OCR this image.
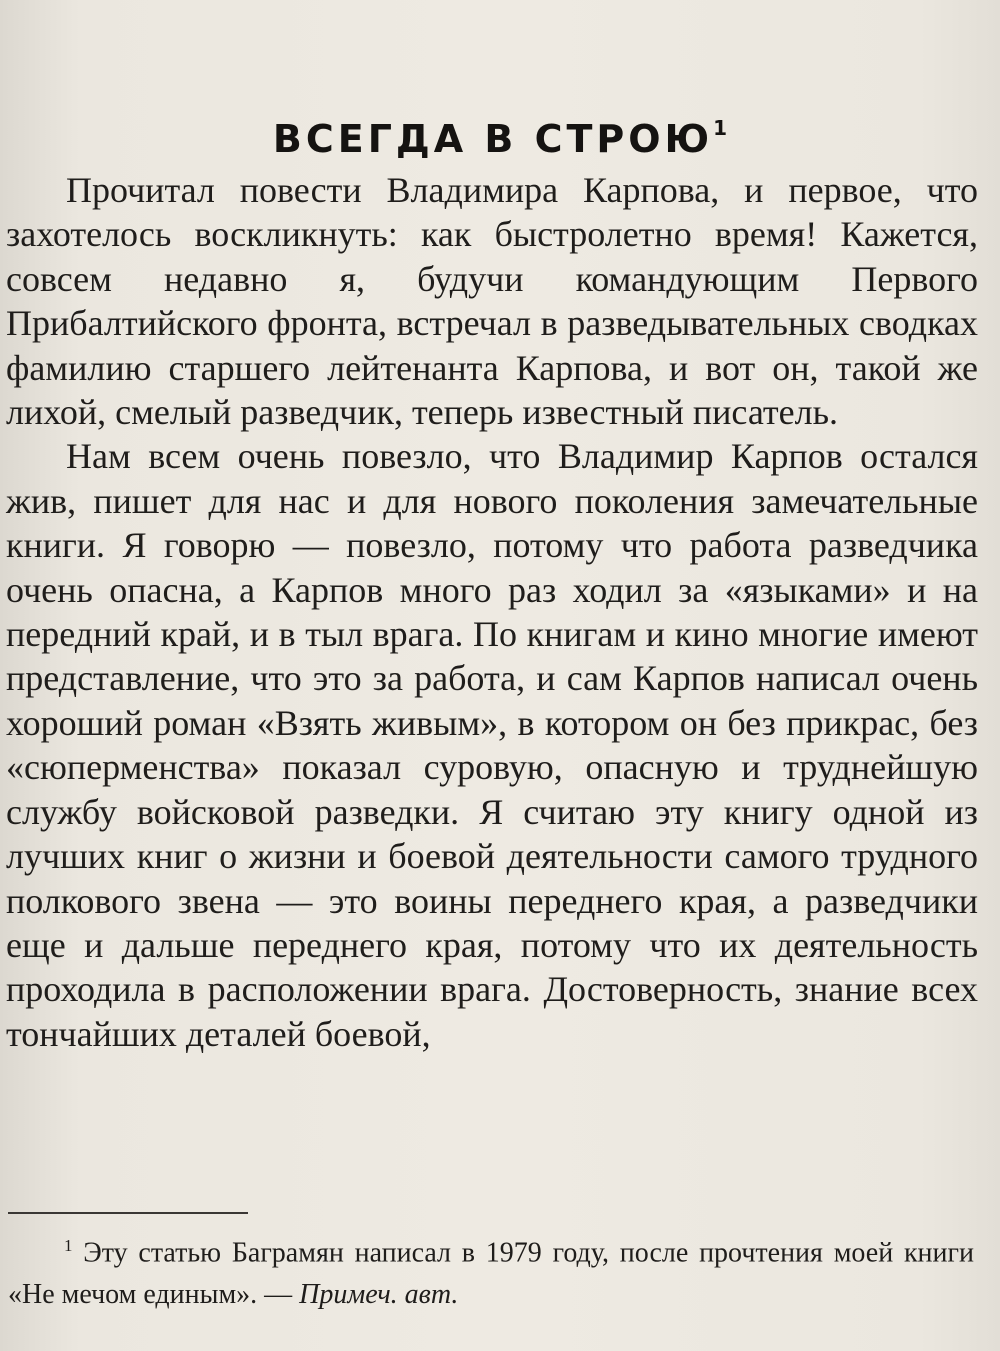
ВСЕГДА В СТРОЮ$^1$

Прочитал повести Владимира Карпова, и первое, что захотелось воскликнуть: как быстролетно время! Кажется, совсем недавно я, будучи командующим Первого Прибалтийского фронта, встречал в разведывательных сводках фамилию старшего лейтенанта Карпова, и вот он, такой же лихой, смелый разведчик, теперь известный писатель.

Нам всем очень повезло, что Владимир Карпов остался жив, пишет для нас и для нового поколения замечательные книги. Я говорю — повезло, потому что работа разведчика очень опасна, а Карпов много раз ходил за «языками» и на передний край, и в тыл врага. По книгам и кино многие имеют представление, что это за работа, и сам Карпов написал очень хороший роман «Взять живым», в котором он без прикрас, без «сюперменства» показал суровую, опасную и труднейшую службу войсковой разведки. Я считаю эту книгу одной из лучших книг о жизни и боевой деятельности самого трудного полкового звена — это воины переднего края, а разведчики еще и дальше переднего края, потому что их деятельность проходила в расположении врага. Достоверность, знание всех тончайших деталей боевой,

$^1$ Эту статью Баграмян написал в 1979 году, после прочтения моей книги «Не мечом единым». — Примеч. авт.
